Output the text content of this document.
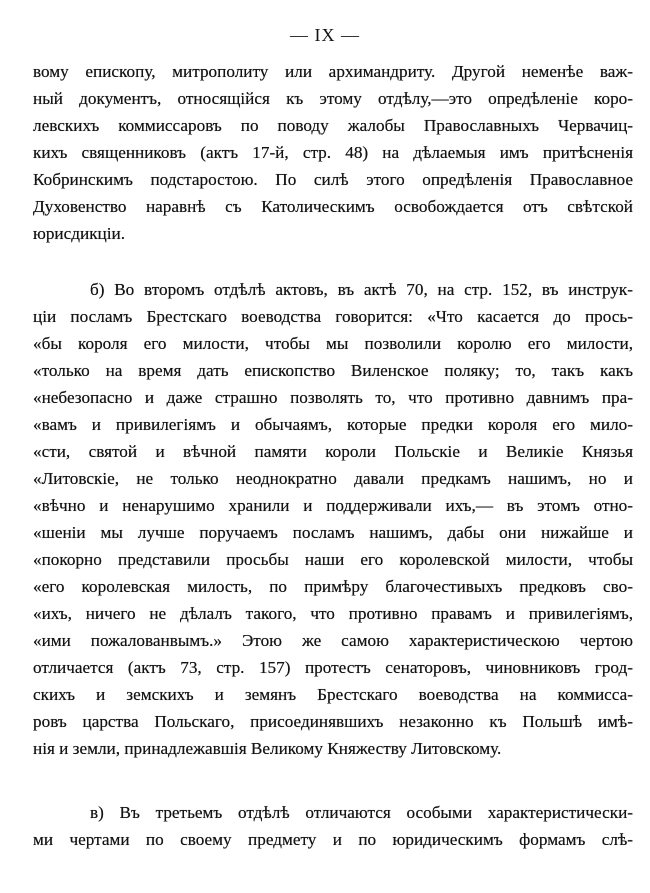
— IX —
вому епископу, митрополиту или архимандриту. Другой неменѣе важ-
ный документъ, относящiйся къ этому отдѣлу,—это опредѣленіе коро-
левскихъ коммиссаровъ по поводу жалобы Православныхъ Червачиц-
кихъ священниковъ (актъ 17-й, стр. 48) на дѣлаемыя имъ притѣсненія
Кобринскимъ подстаростою. По силѣ этого опредѣленія Православное
Духовенство наравнѣ съ Католическимъ освобождается отъ свѣтской
юрисдикціи.
б) Во второмъ отдѣлѣ актовъ, въ актѣ 70, на стр. 152, въ инструк-
ціи посламъ Брестскаго воеводства говорится: «Что касается до прось-
«бы короля его милости, чтобы мы позволили королю его милости,
«только на время дать епископство Виленское поляку; то, такъ какъ
«небезопасно и даже страшно позволять то, что противно давнимъ пра-
«вамъ и привилегіямъ и обычаямъ, которые предки короля его мило-
«сти, святой и вѣчной памяти короли Польскіе и Великіе Князья
«Литовскіе, не только неоднократно давали предкамъ нашимъ, но и
«вѣчно и ненарушимо хранили и поддерживали ихъ,— въ этомъ отно-
«шеніи мы лучше поручаемъ посламъ нашимъ, дабы они нижайше и
«покорно представили просьбы наши его королевской милости, чтобы
«его королевская милость, по примѣру благочестивыхъ предковъ сво-
«ихъ, ничего не дѣлалъ такого, что противно правамъ и привилегіямъ,
«ими пожалованвымъ.» Этою же самою характеристическою чертою
отличается (актъ 73, стр. 157) протестъ сенаторовъ, чиновниковъ грод-
скихъ и земскихъ и земянъ Брестскаго воеводства на коммисса-
ровъ царства Польскаго, присоединявшихъ незаконно къ Польшѣ имѣ-
нія и земли, принадлежавшія Великому Княжеству Литовскому.
в) Въ третьемъ отдѣлѣ отличаются особыми характеристически-
ми чертами по своему предмету и по юридическимъ формамъ слѣ-
